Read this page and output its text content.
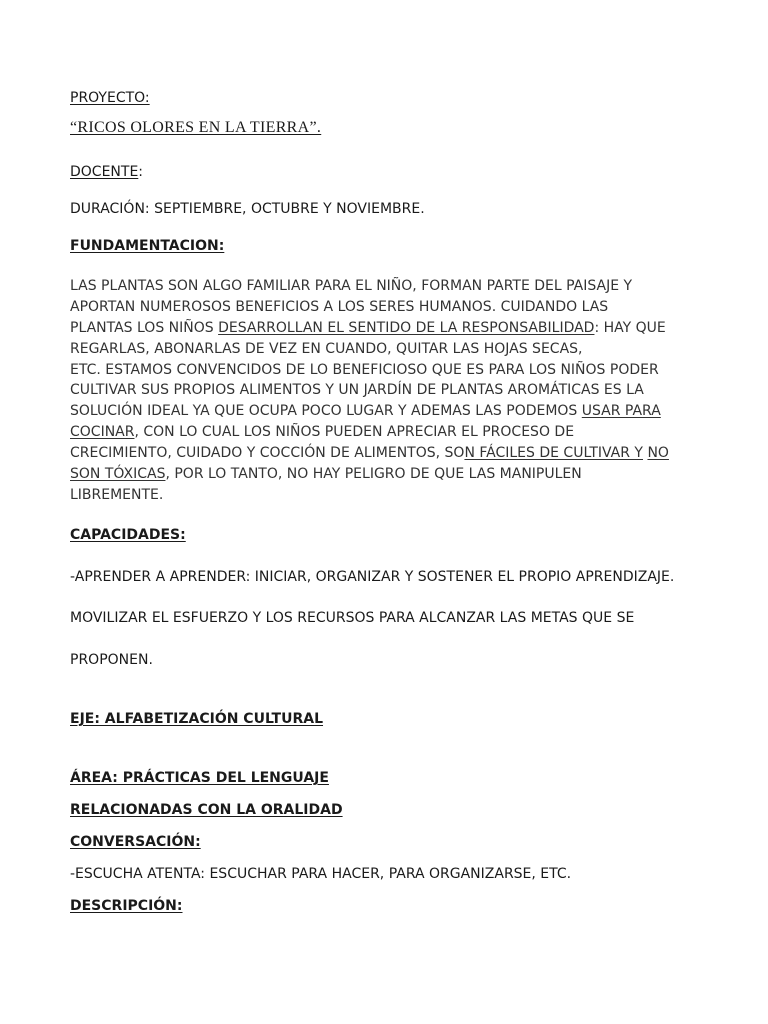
PROYECTO:
“RICOS OLORES EN LA TIERRA”.
DOCENTE:
DURACIÓN: SEPTIEMBRE, OCTUBRE Y NOVIEMBRE.
FUNDAMENTACION:
LAS PLANTAS SON ALGO FAMILIAR PARA EL NIÑO, FORMAN PARTE DEL PAISAJE Y
APORTAN NUMEROSOS BENEFICIOS A LOS SERES HUMANOS. CUIDANDO LAS
PLANTAS LOS NIÑOS DESARROLLAN EL SENTIDO DE LA RESPONSABILIDAD: HAY QUE
REGARLAS, ABONARLAS DE VEZ EN CUANDO, QUITAR LAS HOJAS SECAS,
ETC. ESTAMOS CONVENCIDOS DE LO BENEFICIOSO QUE ES PARA LOS NIÑOS PODER
CULTIVAR SUS PROPIOS ALIMENTOS Y UN JARDÍN DE PLANTAS AROMÁTICAS ES LA
SOLUCIÓN IDEAL YA QUE OCUPA POCO LUGAR Y ADEMAS LAS PODEMOS USAR PARA
COCINAR, CON LO CUAL LOS NIÑOS PUEDEN APRECIAR EL PROCESO DE
CRECIMIENTO, CUIDADO Y COCCIÓN DE ALIMENTOS, SON FÁCILES DE CULTIVAR Y NO
SON TÓXICAS, POR LO TANTO, NO HAY PELIGRO DE QUE LAS MANIPULEN
LIBREMENTE.
CAPACIDADES:
-APRENDER A APRENDER: INICIAR, ORGANIZAR Y SOSTENER EL PROPIO APRENDIZAJE.
MOVILIZAR EL ESFUERZO Y LOS RECURSOS PARA ALCANZAR LAS METAS QUE SE
PROPONEN.
EJE: ALFABETIZACIÓN CULTURAL
ÁREA: PRÁCTICAS DEL LENGUAJE
RELACIONADAS CON LA ORALIDAD
CONVERSACIÓN:
-ESCUCHA ATENTA: ESCUCHAR PARA HACER, PARA ORGANIZARSE, ETC.
DESCRIPCIÓN:
